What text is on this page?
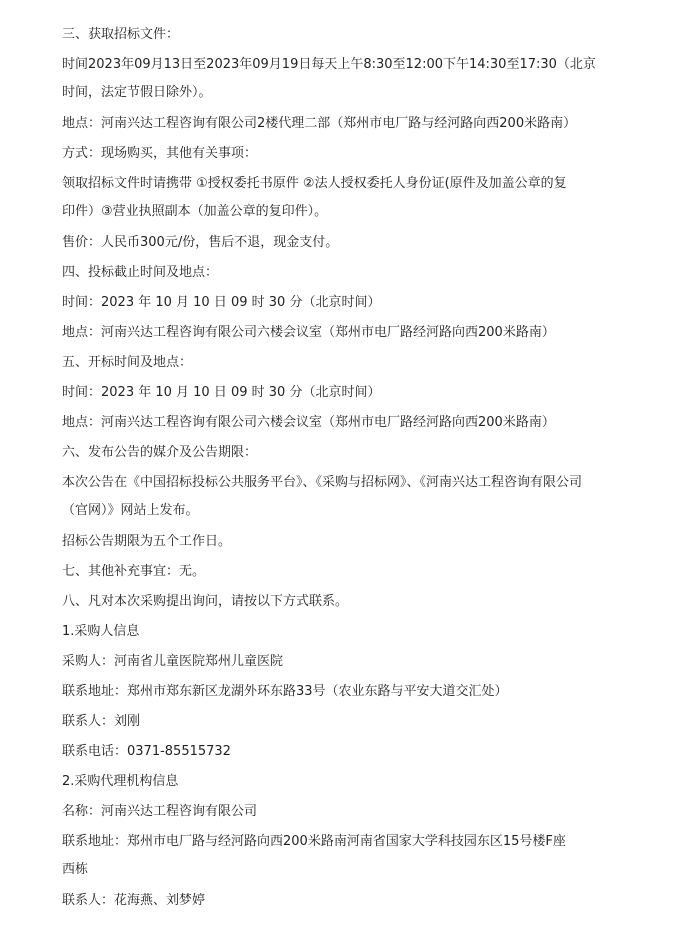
三、获取招标文件：
时间2023年09月13日至2023年09月19日每天上午8:30至12:00下午14:30至17:30（北京
时间，法定节假日除外）。
地点：河南兴达工程咨询有限公司2楼代理二部（郑州市电厂路与经河路向西200米路南）
方式：现场购买，其他有关事项：
领取招标文件时请携带 ①授权委托书原件 ②法人授权委托人身份证(原件及加盖公章的复
印件）③营业执照副本（加盖公章的复印件）。
售价：人民币300元/份，售后不退，现金支付。
四、投标截止时间及地点：
时间：2023 年 10 月 10 日 09 时 30 分（北京时间）
地点：河南兴达工程咨询有限公司六楼会议室（郑州市电厂路经河路向西200米路南）
五、开标时间及地点：
时间：2023 年 10 月 10 日 09 时 30 分（北京时间）
地点：河南兴达工程咨询有限公司六楼会议室（郑州市电厂路经河路向西200米路南）
六、发布公告的媒介及公告期限：
本次公告在《中国招标投标公共服务平台》、《采购与招标网》、《河南兴达工程咨询有限公司
（官网）》网站上发布。
招标公告期限为五个工作日。
七、其他补充事宜：无。
八、凡对本次采购提出询问，请按以下方式联系。
1.采购人信息
采购人：河南省儿童医院郑州儿童医院
联系地址：郑州市郑东新区龙湖外环东路33号（农业东路与平安大道交汇处）
联系人：刘刚
联系电话：0371-85515732
2.采购代理机构信息
名称：河南兴达工程咨询有限公司
联系地址：郑州市电厂路与经河路向西200米路南河南省国家大学科技园东区15号楼F座
西栋
联系人：花海燕、刘梦婷
